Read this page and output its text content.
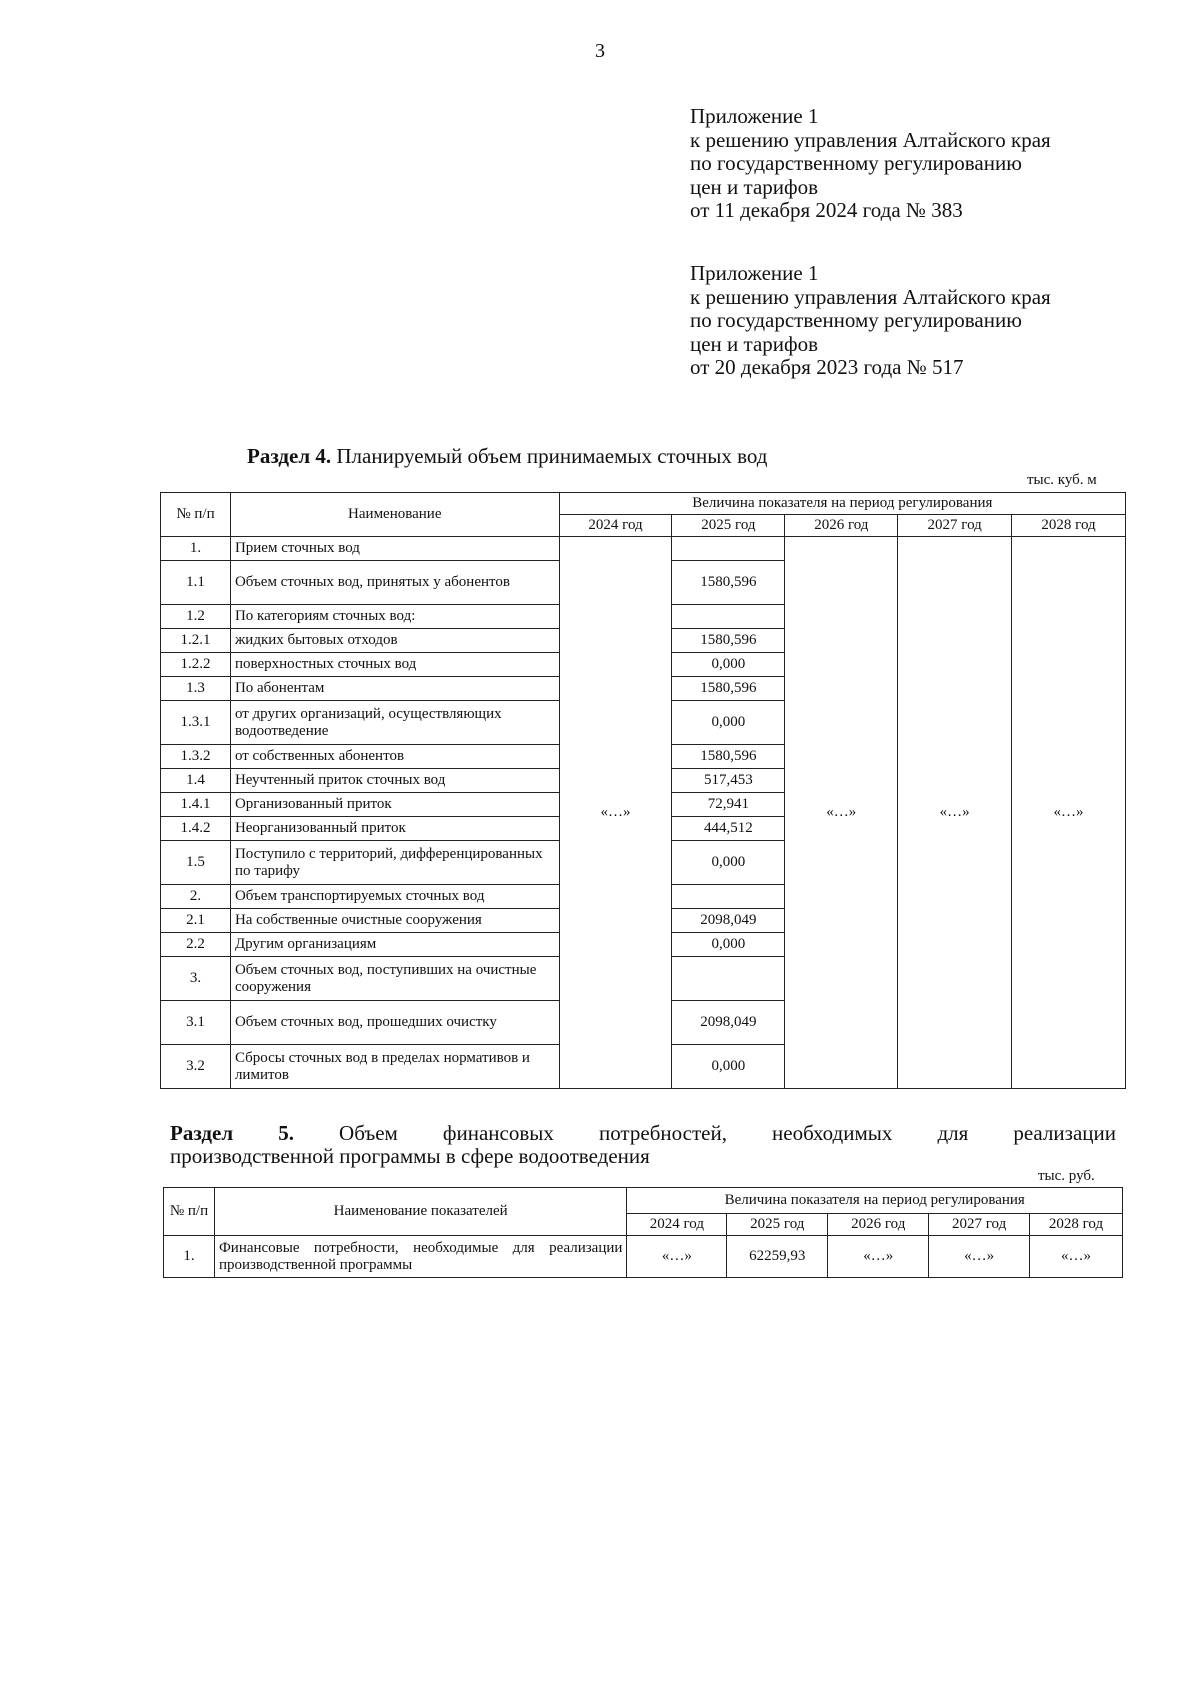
3
Приложение 1
к решению управления Алтайского края
по государственному регулированию
цен и тарифов
от 11 декабря 2024 года № 383
Приложение 1
к решению управления Алтайского края
по государственному регулированию
цен и тарифов
от 20 декабря 2023 года № 517
Раздел 4. Планируемый объем принимаемых сточных вод
тыс. куб. м
№ п/п	Наименование	Величина показателя на период регулирования				
		2024 год	2025 год	2026 год	2027 год	2028 год
1.	Прием сточных вод	«…»		«…»	«…»	«…»
1.1	Объем сточных вод, принятых у абонентов		1580,596			
1.2	По категориям сточных вод:					
1.2.1	жидких бытовых отходов		1580,596			
1.2.2	поверхностных сточных вод		0,000			
1.3	По абонентам		1580,596			
1.3.1	от других организаций, осуществляющих водоотведение		0,000			
1.3.2	от собственных абонентов		1580,596			
1.4	Неучтенный приток сточных вод		517,453			
1.4.1	Организованный приток		72,941			
1.4.2	Неорганизованный приток		444,512			
1.5	Поступило с территорий, дифференцированных по тарифу		0,000			
2.	Объем транспортируемых сточных вод					
2.1	На собственные очистные сооружения		2098,049			
2.2	Другим организациям		0,000			
3.	Объем сточных вод, поступивших на очистные сооружения					
3.1	Объем сточных вод, прошедших очистку		2098,049			
3.2	Сбросы сточных вод в пределах нормативов и лимитов		0,000			
Раздел 5. Объем финансовых потребностей, необходимых для реализации
производственной программы в сфере водоотведения
тыс. руб.
№ п/п	Наименование показателей	Величина показателя на период регулирования				
		2024 год	2025 год	2026 год	2027 год	2028 год
1.	Финансовые потребности, необходимые для реализации производственной программы	«…»	62259,93	«…»	«…»	«…»
